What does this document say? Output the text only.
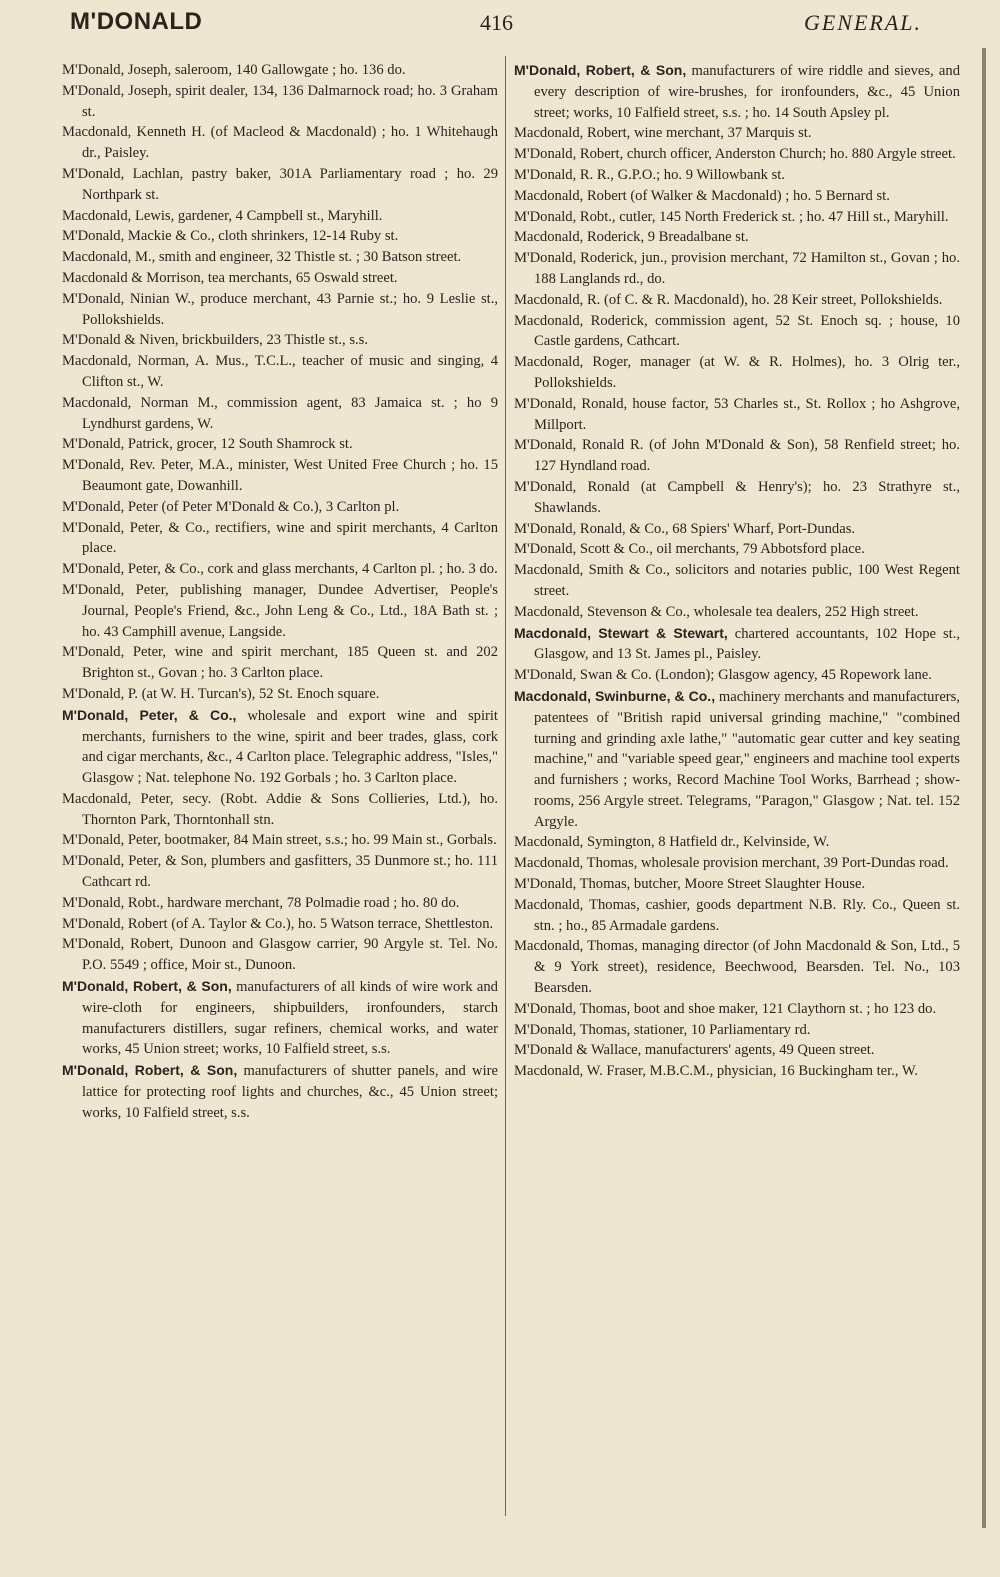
M'DONALD	416	GENERAL.

M'Donald, Joseph, saleroom, 140 Gallowgate ; ho. 136 do.

M'Donald, Joseph, spirit dealer, 134, 136 Dalmarnock road; ho. 3 Graham st.

Macdonald, Kenneth H. (of Macleod & Macdonald) ; ho. 1 Whitehaugh dr., Paisley.

M'Donald, Lachlan, pastry baker, 301A Parliamentary road ; ho. 29 Northpark st.

Macdonald, Lewis, gardener, 4 Campbell st., Maryhill.

M'Donald, Mackie & Co., cloth shrinkers, 12-14 Ruby st.

Macdonald, M., smith and engineer, 32 Thistle st. ; 30 Batson street.

Macdonald & Morrison, tea merchants, 65 Oswald street.

M'Donald, Ninian W., produce merchant, 43 Parnie st.; ho. 9 Leslie st., Pollokshields.

M'Donald & Niven, brickbuilders, 23 Thistle st., s.s.

Macdonald, Norman, A. Mus., T.C.L., teacher of music and singing, 4 Clifton st., W.

Macdonald, Norman M., commission agent, 83 Jamaica st. ; ho 9 Lyndhurst gardens, W.

M'Donald, Patrick, grocer, 12 South Shamrock st.

M'Donald, Rev. Peter, M.A., minister, West United Free Church ; ho. 15 Beaumont gate, Dowanhill.

M'Donald, Peter (of Peter M'Donald & Co.), 3 Carlton pl.

M'Donald, Peter, & Co., rectifiers, wine and spirit merchants, 4 Carlton place.

M'Donald, Peter, & Co., cork and glass merchants, 4 Carlton pl. ; ho. 3 do.

M'Donald, Peter, publishing manager, Dundee Advertiser, People's Journal, People's Friend, &c., John Leng & Co., Ltd., 18A Bath st. ; ho. 43 Camphill avenue, Langside.

M'Donald, Peter, wine and spirit merchant, 185 Queen st. and 202 Brighton st., Govan ; ho. 3 Carlton place.

M'Donald, P. (at W. H. Turcan's), 52 St. Enoch square.

M'Donald, Peter, & Co., wholesale and export wine and spirit merchants, furnishers to the wine, spirit and beer trades, glass, cork and cigar merchants, &c., 4 Carlton place. Telegraphic address, "Isles," Glasgow ; Nat. telephone No. 192 Gorbals ; ho. 3 Carlton place.

Macdonald, Peter, secy. (Robt. Addie & Sons Collieries, Ltd.), ho. Thornton Park, Thorntonhall stn.

M'Donald, Peter, bootmaker, 84 Main street, s.s.; ho. 99 Main st., Gorbals.

M'Donald, Peter, & Son, plumbers and gasfitters, 35 Dunmore st.; ho. 111 Cathcart rd.

M'Donald, Robt., hardware merchant, 78 Polmadie road ; ho. 80 do.

M'Donald, Robert (of A. Taylor & Co.), ho. 5 Watson terrace, Shettleston.

M'Donald, Robert, Dunoon and Glasgow carrier, 90 Argyle st. Tel. No. P.O. 5549 ; office, Moir st., Dunoon.

M'Donald, Robert, & Son, manufacturers of all kinds of wire work and wire-cloth for engineers, shipbuilders, ironfounders, starch manufacturers distillers, sugar refiners, chemical works, and water works, 45 Union street; works, 10 Falfield street, s.s.

M'Donald, Robert, & Son, manufacturers of shutter panels, and wire lattice for protecting roof lights and churches, &c., 45 Union street; works, 10 Falfield street, s.s.

M'Donald, Robert, & Son, manufacturers of wire riddle and sieves, and every description of wire-brushes, for ironfounders, &c., 45 Union street; works, 10 Falfield street, s.s. ; ho. 14 South Apsley pl.

Macdonald, Robert, wine merchant, 37 Marquis st.

M'Donald, Robert, church officer, Anderston Church; ho. 880 Argyle street.

M'Donald, R. R., G.P.O.; ho. 9 Willowbank st.

Macdonald, Robert (of Walker & Macdonald) ; ho. 5 Bernard st.

M'Donald, Robt., cutler, 145 North Frederick st. ; ho. 47 Hill st., Maryhill.

Macdonald, Roderick, 9 Breadalbane st.

M'Donald, Roderick, jun., provision merchant, 72 Hamilton st., Govan ; ho. 188 Langlands rd., do.

Macdonald, R. (of C. & R. Macdonald), ho. 28 Keir street, Pollokshields.

Macdonald, Roderick, commission agent, 52 St. Enoch sq. ; house, 10 Castle gardens, Cathcart.

Macdonald, Roger, manager (at W. & R. Holmes), ho. 3 Olrig ter., Pollokshields.

M'Donald, Ronald, house factor, 53 Charles st., St. Rollox ; ho Ashgrove, Millport.

M'Donald, Ronald R. (of John M'Donald & Son), 58 Renfield street; ho. 127 Hyndland road.

M'Donald, Ronald (at Campbell & Henry's); ho. 23 Strathyre st., Shawlands.

M'Donald, Ronald, & Co., 68 Spiers' Wharf, Port-Dundas.

M'Donald, Scott & Co., oil merchants, 79 Abbotsford place.

Macdonald, Smith & Co., solicitors and notaries public, 100 West Regent street.

Macdonald, Stevenson & Co., wholesale tea dealers, 252 High street.

Macdonald, Stewart & Stewart, chartered accountants, 102 Hope st., Glasgow, and 13 St. James pl., Paisley.

M'Donald, Swan & Co. (London); Glasgow agency, 45 Ropework lane.

Macdonald, Swinburne, & Co., machinery merchants and manufacturers, patentees of "British rapid universal grinding machine," "combined turning and grinding axle lathe," "automatic gear cutter and key seating machine," and "variable speed gear," engineers and machine tool experts and furnishers ; works, Record Machine Tool Works, Barrhead ; show-rooms, 256 Argyle street. Telegrams, "Paragon," Glasgow ; Nat. tel. 152 Argyle.

Macdonald, Symington, 8 Hatfield dr., Kelvinside, W.

Macdonald, Thomas, wholesale provision merchant, 39 Port-Dundas road.

M'Donald, Thomas, butcher, Moore Street Slaughter House.

Macdonald, Thomas, cashier, goods department N.B. Rly. Co., Queen st. stn. ; ho., 85 Armadale gardens.

Macdonald, Thomas, managing director (of John Macdonald & Son, Ltd., 5 & 9 York street), residence, Beechwood, Bearsden. Tel. No., 103 Bearsden.

M'Donald, Thomas, boot and shoe maker, 121 Claythorn st. ; ho 123 do.

M'Donald, Thomas, stationer, 10 Parliamentary rd.

M'Donald & Wallace, manufacturers' agents, 49 Queen street.

Macdonald, W. Fraser, M.B.C.M., physician, 16 Buckingham ter., W.
